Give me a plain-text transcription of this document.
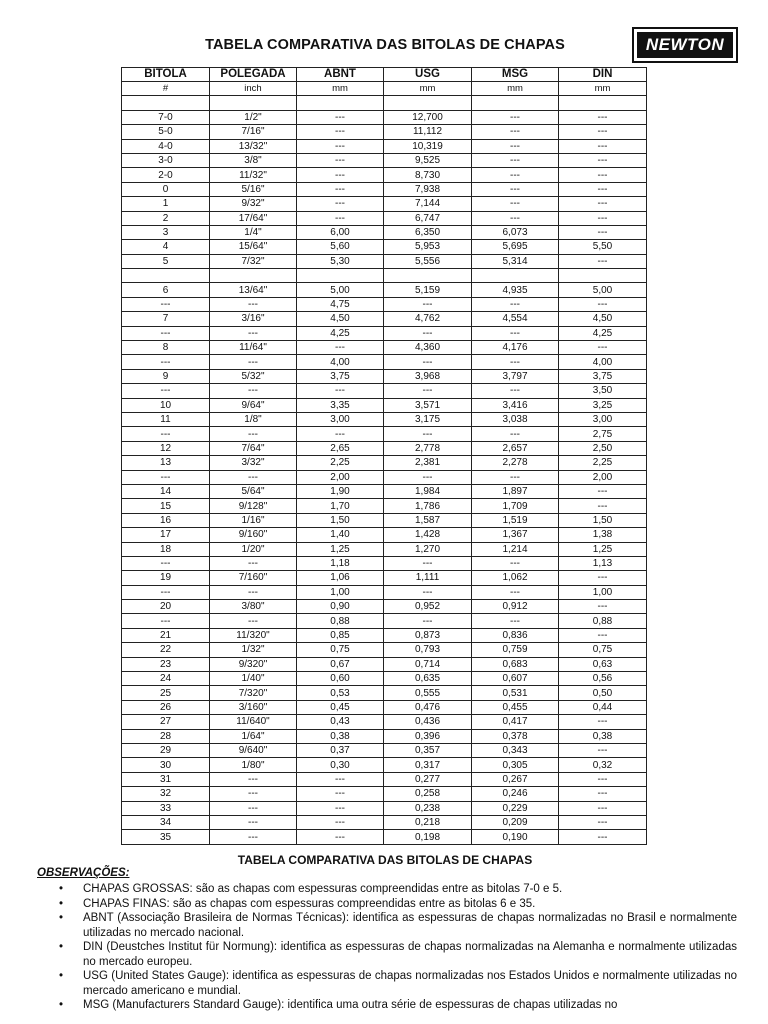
TABELA COMPARATIVA DAS BITOLAS DE CHAPAS	NEWTON
BITOLA	POLEGADA	ABNT	USG	MSG	DIN
#	inch	mm	mm	mm	mm

7-0	1/2"	---	12,700	---	---
5-0	7/16"	---	11,112	---	---
4-0	13/32"	---	10,319	---	---
3-0	3/8"	---	9,525	---	---
2-0	11/32"	---	8,730	---	---
0	5/16"	---	7,938	---	---
1	9/32"	---	7,144	---	---
2	17/64"	---	6,747	---	---
3	1/4"	6,00	6,350	6,073	---
4	15/64"	5,60	5,953	5,695	5,50
5	7/32"	5,30	5,556	5,314	---

6	13/64"	5,00	5,159	4,935	5,00
---	---	4,75	---	---	---
7	3/16"	4,50	4,762	4,554	4,50
---	---	4,25	---	---	4,25
8	11/64"	---	4,360	4,176	---
---	---	4,00	---	---	4,00
9	5/32"	3,75	3,968	3,797	3,75
---	---	---	---	---	3,50
10	9/64"	3,35	3,571	3,416	3,25
11	1/8"	3,00	3,175	3,038	3,00
---	---	---	---	---	2,75
12	7/64"	2,65	2,778	2,657	2,50
13	3/32"	2,25	2,381	2,278	2,25
---	---	2,00	---	---	2,00
14	5/64"	1,90	1,984	1,897	---
15	9/128"	1,70	1,786	1,709	---
16	1/16"	1,50	1,587	1,519	1,50
17	9/160"	1,40	1,428	1,367	1,38
18	1/20"	1,25	1,270	1,214	1,25
---	---	1,18	---	---	1,13
19	7/160"	1,06	1,111	1,062	---
---	---	1,00	---	---	1,00
20	3/80"	0,90	0,952	0,912	---
---	---	0,88	---	---	0,88
21	11/320"	0,85	0,873	0,836	---
22	1/32"	0,75	0,793	0,759	0,75
23	9/320"	0,67	0,714	0,683	0,63
24	1/40"	0,60	0,635	0,607	0,56
25	7/320"	0,53	0,555	0,531	0,50
26	3/160"	0,45	0,476	0,455	0,44
27	11/640"	0,43	0,436	0,417	---
28	1/64"	0,38	0,396	0,378	0,38
29	9/640"	0,37	0,357	0,343	---
30	1/80"	0,30	0,317	0,305	0,32
31	---	---	0,277	0,267	---
32	---	---	0,258	0,246	---
33	---	---	0,238	0,229	---
34	---	---	0,218	0,209	---
35	---	---	0,198	0,190	---
TABELA COMPARATIVA DAS BITOLAS DE CHAPAS
OBSERVAÇÕES:
• CHAPAS GROSSAS: são as chapas com espessuras compreendidas entre as bitolas 7-0 e 5.
• CHAPAS FINAS: são as chapas com espessuras compreendidas entre as bitolas 6 e 35.
• ABNT (Associação Brasileira de Normas Técnicas): identifica as espessuras de chapas normalizadas no Brasil e normalmente utilizadas no mercado nacional.
• DIN (Deustches Institut für Normung): identifica as espessuras de chapas normalizadas na Alemanha e normalmente utilizadas no mercado europeu.
• USG (United States Gauge): identifica as espessuras de chapas normalizadas nos Estados Unidos e normalmente utilizadas no mercado americano e mundial.
• MSG (Manufacturers Standard Gauge): identifica uma outra série de espessuras de chapas utilizadas no
